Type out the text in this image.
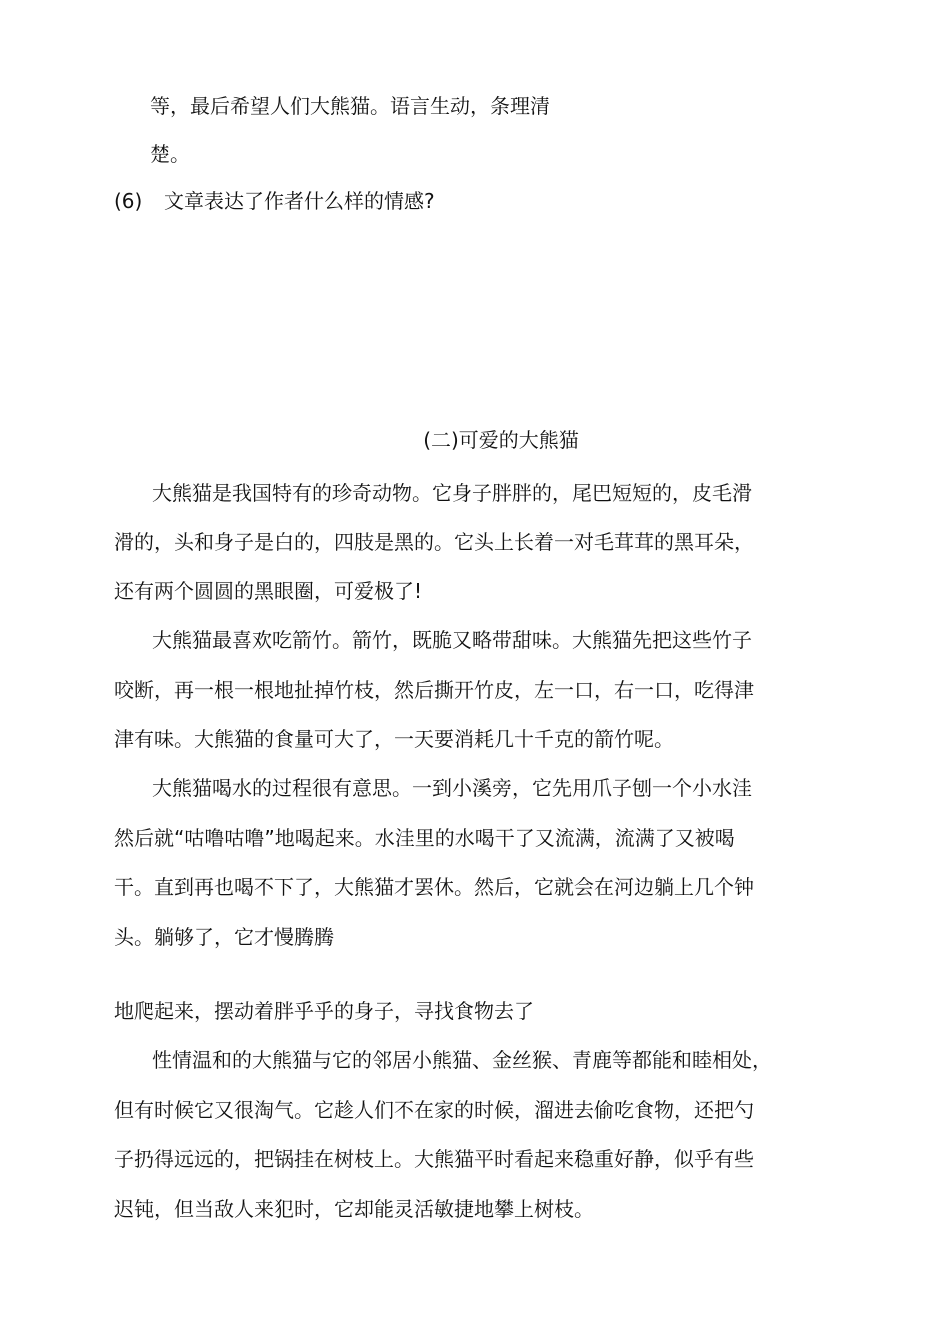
等，最后希望人们大熊猫。语言生动，条理清
楚。
(6) 文章表达了作者什么样的情感?
(二)可爱的大熊猫
大熊猫是我国特有的珍奇动物。它身子胖胖的，尾巴短短的，皮毛滑
滑的，头和身子是白的，四肢是黑的。它头上长着一对毛茸茸的黑耳朵，
还有两个圆圆的黑眼圈，可爱极了!
大熊猫最喜欢吃箭竹。箭竹，既脆又略带甜味。大熊猫先把这些竹子
咬断，再一根一根地扯掉竹枝，然后撕开竹皮，左一口，右一口，吃得津
津有味。大熊猫的食量可大了，一天要消耗几十千克的箭竹呢。
大熊猫喝水的过程很有意思。一到小溪旁，它先用爪子刨一个小水洼
然后就“咕噜咕噜”地喝起来。水洼里的水喝干了又流满，流满了又被喝
干。直到再也喝不下了，大熊猫才罢休。然后，它就会在河边躺上几个钟
头。躺够了，它才慢腾腾
地爬起来，摆动着胖乎乎的身子，寻找食物去了
性情温和的大熊猫与它的邻居小熊猫、金丝猴、青鹿等都能和睦相处，
但有时候它又很淘气。它趁人们不在家的时候，溜进去偷吃食物，还把勺
子扔得远远的，把锅挂在树枝上。大熊猫平时看起来稳重好静，似乎有些
迟钝，但当敌人来犯时，它却能灵活敏捷地攀上树枝。
